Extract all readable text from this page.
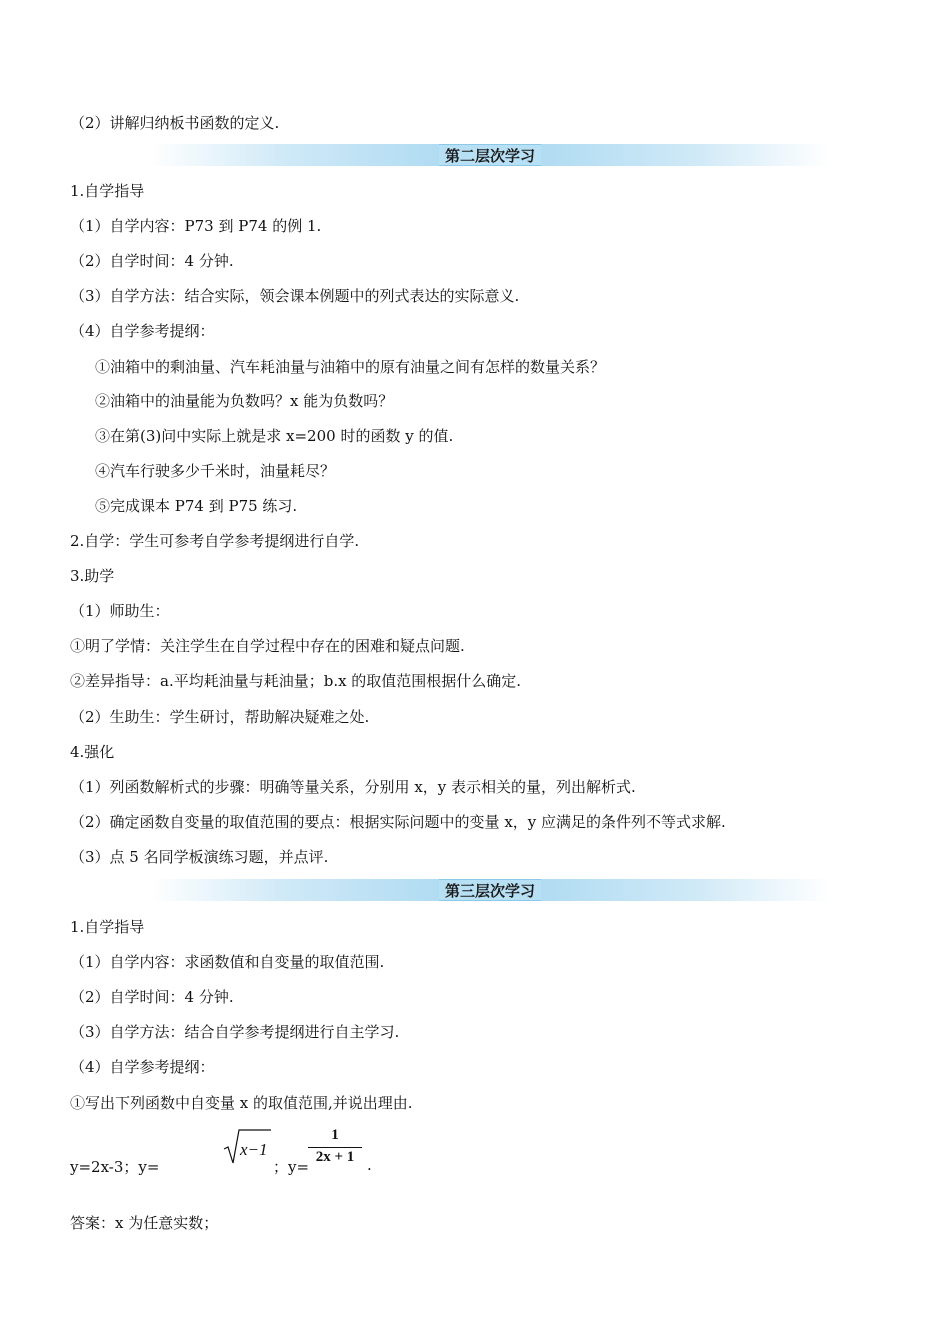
（2）讲解归纳板书函数的定义.
第二层次学习
1.自学指导
（1）自学内容：P73 到 P74 的例 1.
（2）自学时间：4 分钟.
（3）自学方法：结合实际，领会课本例题中的列式表达的实际意义.
（4）自学参考提纲：
①油箱中的剩油量、汽车耗油量与油箱中的原有油量之间有怎样的数量关系？
②油箱中的油量能为负数吗？x 能为负数吗？
③在第(3)问中实际上就是求 x=200 时的函数 y 的值.
④汽车行驶多少千米时，油量耗尽？
⑤完成课本 P74 到 P75 练习.
2.自学：学生可参考自学参考提纲进行自学.
3.助学
（1）师助生：
①明了学情：关注学生在自学过程中存在的困难和疑点问题.
②差异指导：a.平均耗油量与耗油量；b.x 的取值范围根据什么确定.
（2）生助生：学生研讨，帮助解决疑难之处.
4.强化
（1）列函数解析式的步骤：明确等量关系，分别用 x，y 表示相关的量，列出解析式.
（2）确定函数自变量的取值范围的要点：根据实际问题中的变量 x，y 应满足的条件列不等式求解.
（3）点 5 名同学板演练习题，并点评.
第三层次学习
1.自学指导
（1）自学内容：求函数值和自变量的取值范围.
（2）自学时间：4 分钟.
（3）自学方法：结合自学参考提纲进行自主学习.
（4）自学参考提纲：
①写出下列函数中自变量 x 的取值范围,并说出理由.
y=2x-3；y=
x−1
；y=
1
2x + 1 .
答案：x 为任意实数；
